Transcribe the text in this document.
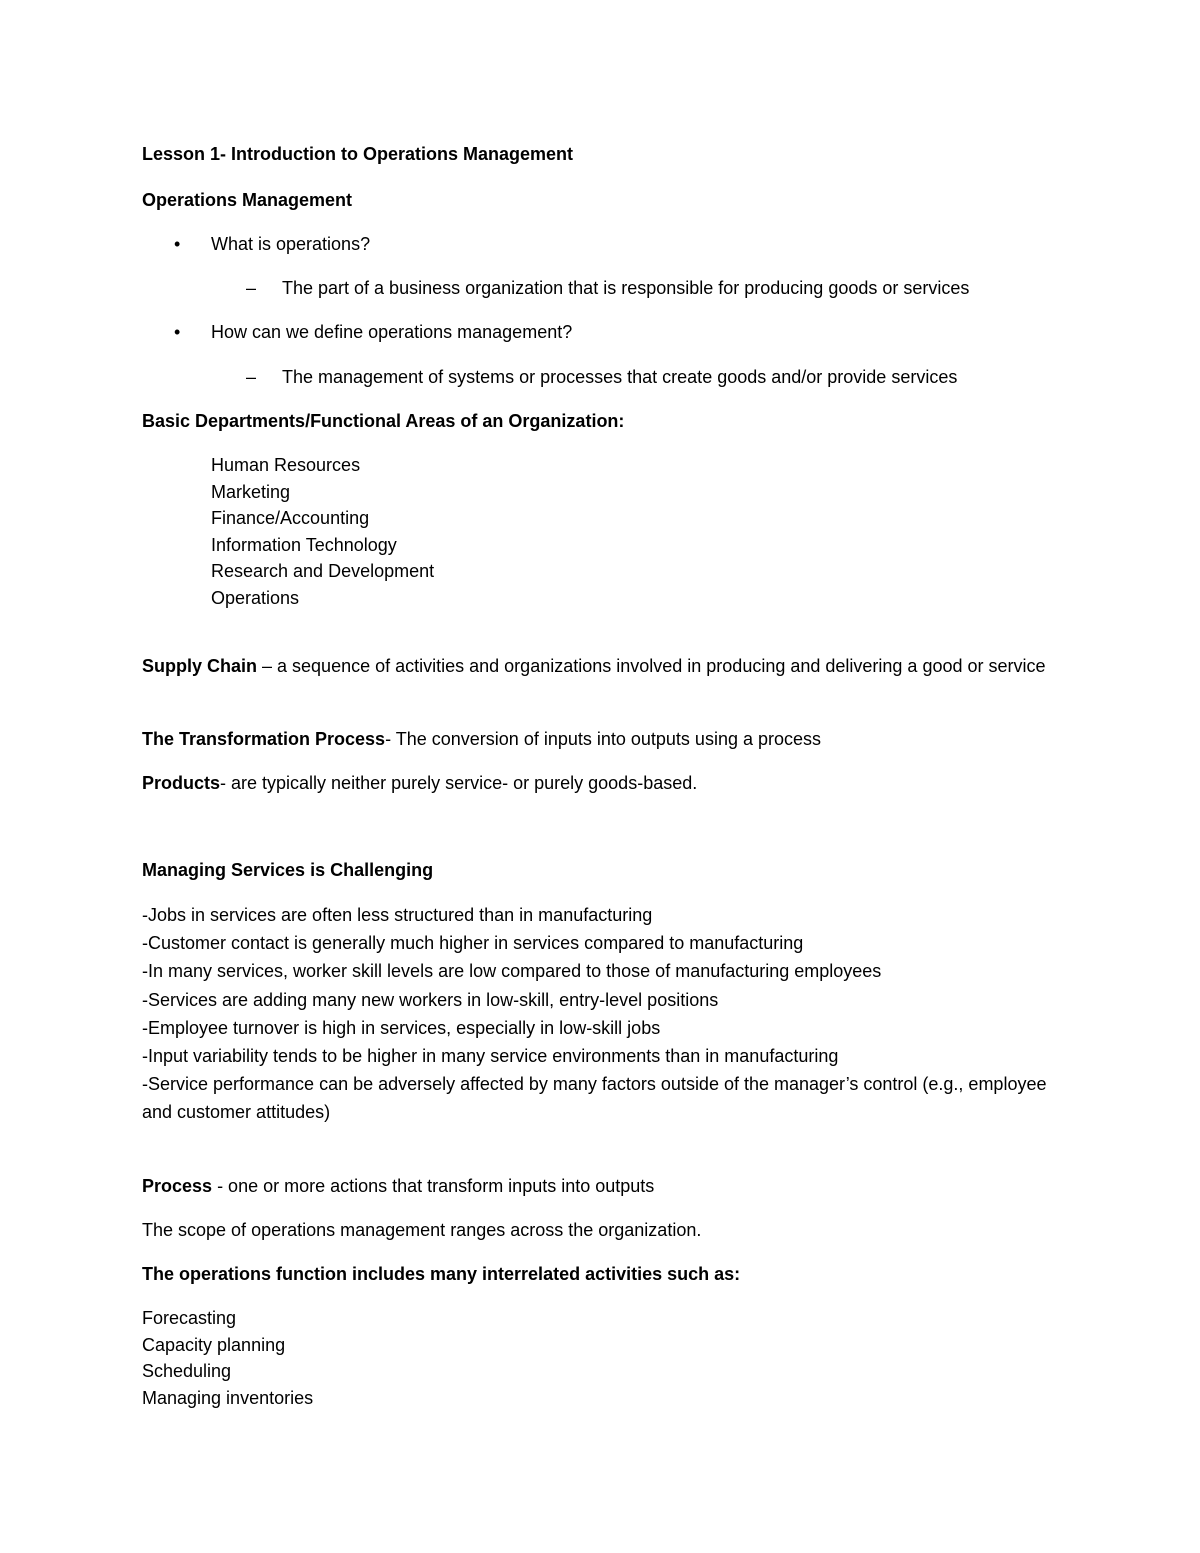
Lesson 1- Introduction to Operations Management
Operations Management
• What is operations?
– The part of a business organization that is responsible for producing goods or services
• How can we define operations management?
– The management of systems or processes that create goods and/or provide services
Basic Departments/Functional Areas of an Organization:
Human Resources
Marketing
Finance/Accounting
Information Technology
Research and Development
Operations
Supply Chain – a sequence of activities and organizations involved in producing and delivering a good or service
The Transformation Process- The conversion of inputs into outputs using a process
Products- are typically neither purely service- or purely goods-based.
Managing Services is Challenging
-Jobs in services are often less structured than in manufacturing
-Customer contact is generally much higher in services compared to manufacturing
-In many services, worker skill levels are low compared to those of manufacturing employees
-Services are adding many new workers in low-skill, entry-level positions
-Employee turnover is high in services, especially in low-skill jobs
-Input variability tends to be higher in many service environments than in manufacturing
-Service performance can be adversely affected by many factors outside of the manager’s control (e.g., employee and customer attitudes)
Process - one or more actions that transform inputs into outputs
The scope of operations management ranges across the organization.
The operations function includes many interrelated activities such as:
Forecasting
Capacity planning
Scheduling
Managing inventories
